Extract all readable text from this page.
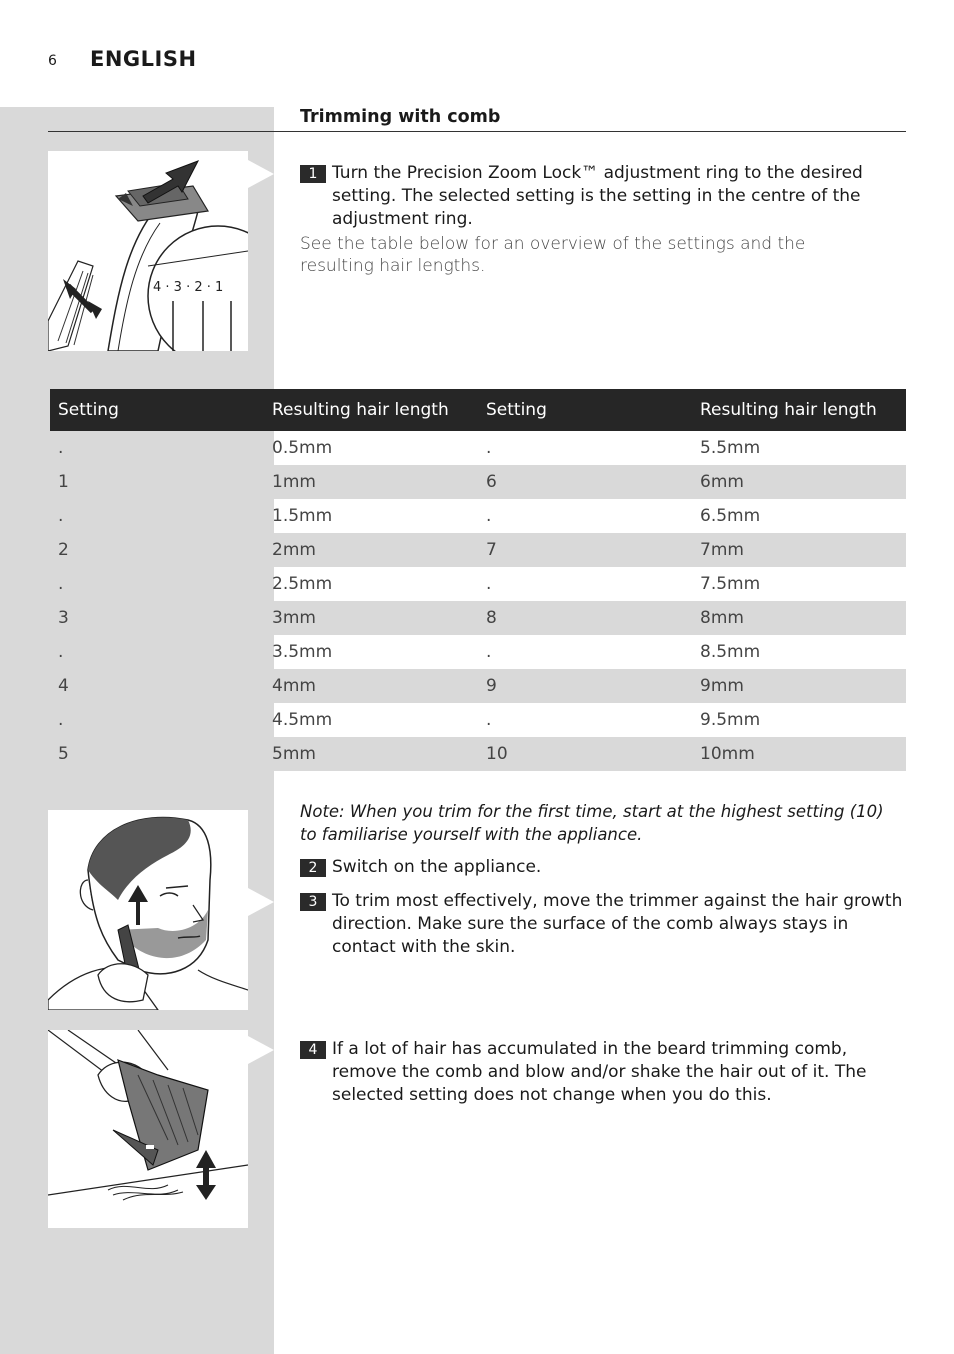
6 ENGLISH
Trimming with comb
4 · 3 · 2 · 1
1 Turn the Precision Zoom Lock™ adjustment ring to the desired setting. The selected setting is the setting in the centre of the adjustment ring.
See the table below for an overview of the settings and the resulting hair lengths.
Setting	Resulting hair length	Setting	Resulting hair length
.	0.5mm	.	5.5mm
1	1mm	6	6mm
.	1.5mm	.	6.5mm
2	2mm	7	7mm
.	2.5mm	.	7.5mm
3	3mm	8	8mm
.	3.5mm	.	8.5mm
4	4mm	9	9mm
.	4.5mm	.	9.5mm
5	5mm	10	10mm
Note: When you trim for the first time, start at the highest setting (10) to familiarise yourself with the appliance.
2 Switch on the appliance.
3 To trim most effectively, move the trimmer against the hair growth direction. Make sure the surface of the comb always stays in contact with the skin.
4 If a lot of hair has accumulated in the beard trimming comb, remove the comb and blow and/or shake the hair out of it. The selected setting does not change when you do this.
